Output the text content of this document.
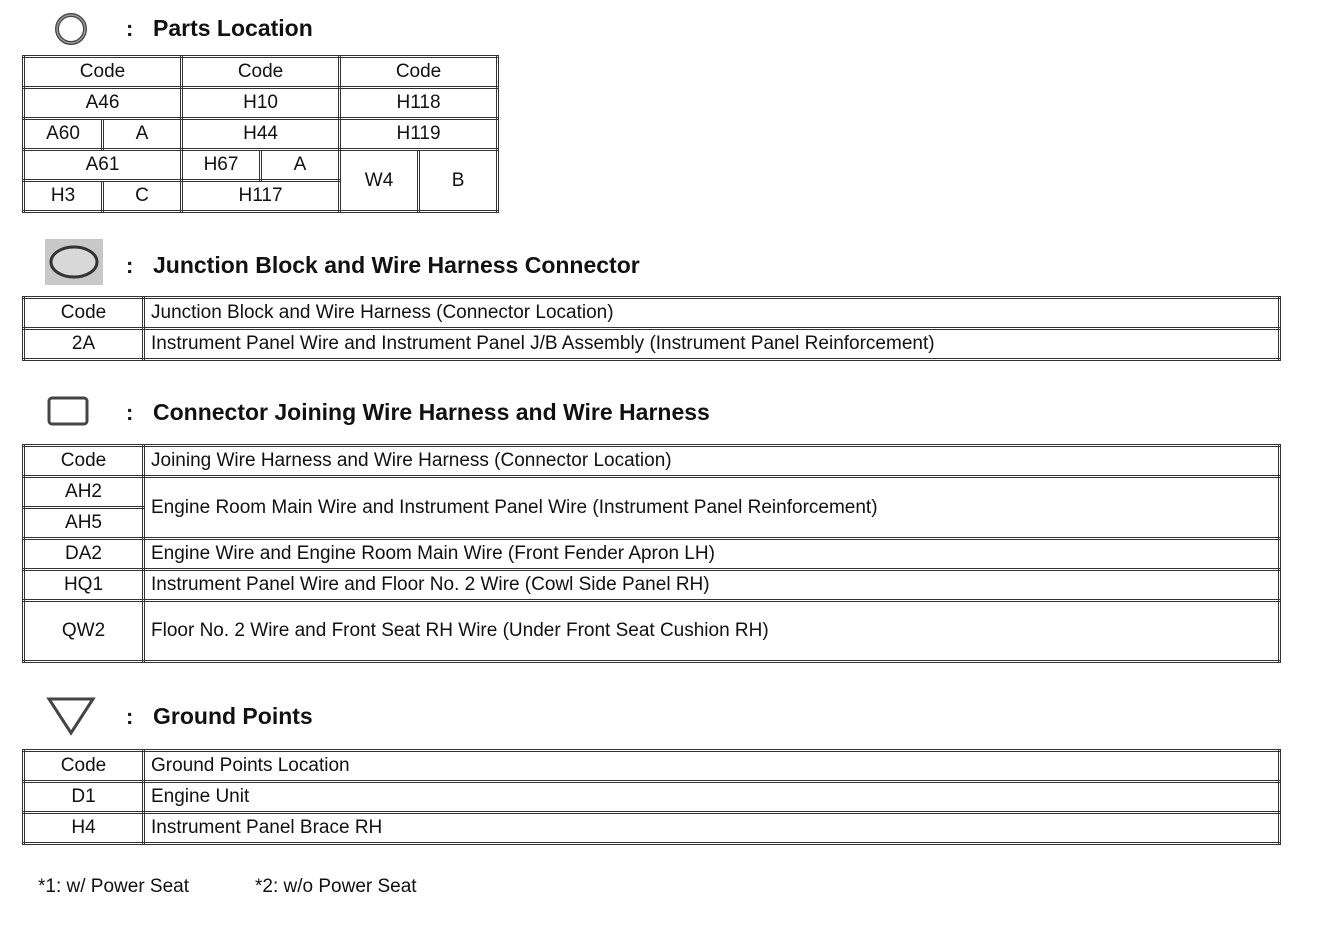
: Parts Location
Code		Code		Code	
A46		H10		H118	
A60	A	H44		H119	
A61		H67	A	W4	B
H3	C	H117			
: Junction Block and Wire Harness Connector
Code	Junction Block and Wire Harness (Connector Location)
2A	Instrument Panel Wire and Instrument Panel J/B Assembly (Instrument Panel Reinforcement)
: Connector Joining Wire Harness and Wire Harness
Code	Joining Wire Harness and Wire Harness (Connector Location)
AH2	Engine Room Main Wire and Instrument Panel Wire (Instrument Panel Reinforcement)
AH5	
DA2	Engine Wire and Engine Room Main Wire (Front Fender Apron LH)
HQ1	Instrument Panel Wire and Floor No. 2 Wire (Cowl Side Panel RH)
QW2	Floor No. 2 Wire and Front Seat RH Wire (Under Front Seat Cushion RH)
: Ground Points
Code	Ground Points Location
D1	Engine Unit
H4	Instrument Panel Brace RH
*1: w/ Power Seat	*2: w/o Power Seat
